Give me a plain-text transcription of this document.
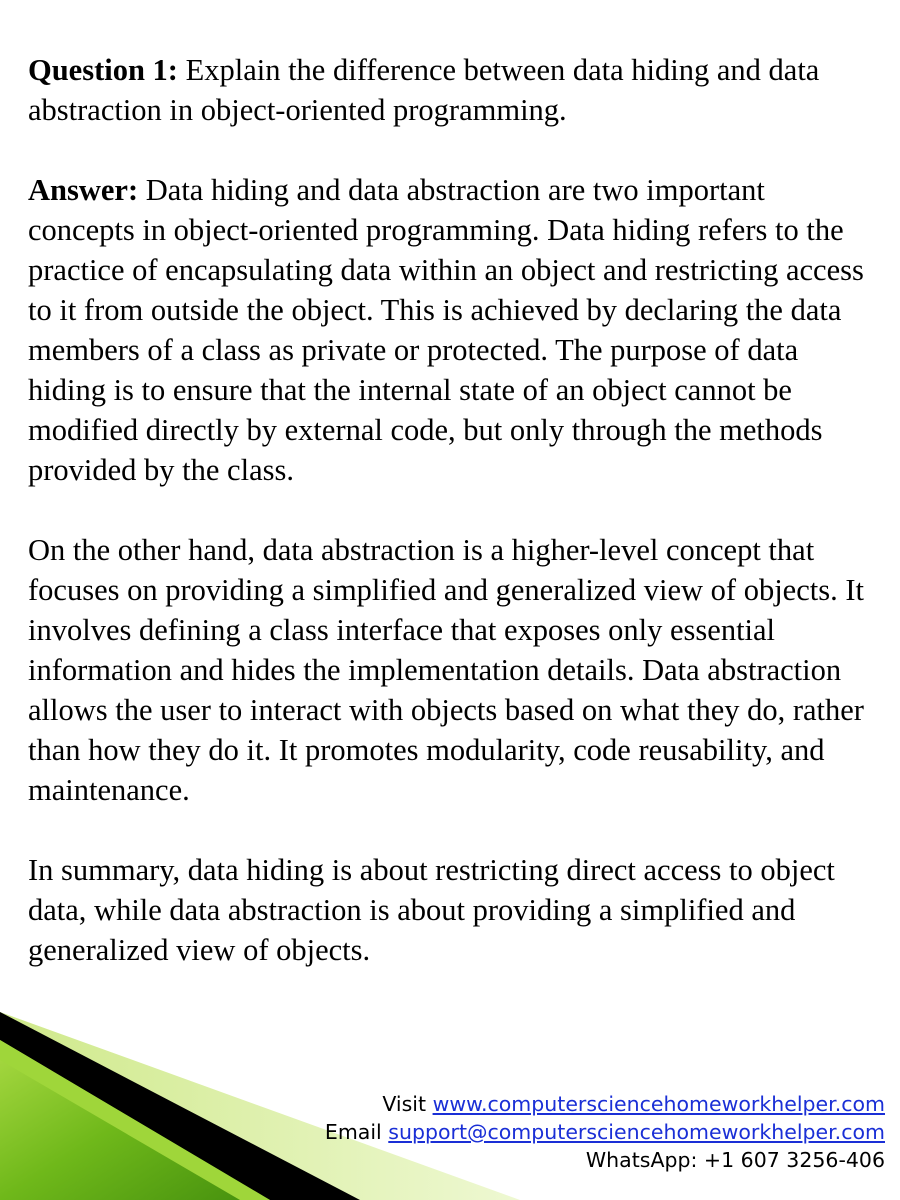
Question 1: Explain the difference between data hiding and data abstraction in object-oriented programming.

Answer: Data hiding and data abstraction are two important concepts in object-oriented programming. Data hiding refers to the practice of encapsulating data within an object and restricting access to it from outside the object. This is achieved by declaring the data members of a class as private or protected. The purpose of data hiding is to ensure that the internal state of an object cannot be modified directly by external code, but only through the methods provided by the class.

On the other hand, data abstraction is a higher-level concept that focuses on providing a simplified and generalized view of objects. It involves defining a class interface that exposes only essential information and hides the implementation details. Data abstraction allows the user to interact with objects based on what they do, rather than how they do it. It promotes modularity, code reusability, and maintenance.

In summary, data hiding is about restricting direct access to object data, while data abstraction is about providing a simplified and generalized view of objects.

Visit www.computersciencehomeworkhelper.com
Email support@computersciencehomeworkhelper.com
WhatsApp: +1 607 3256-406
